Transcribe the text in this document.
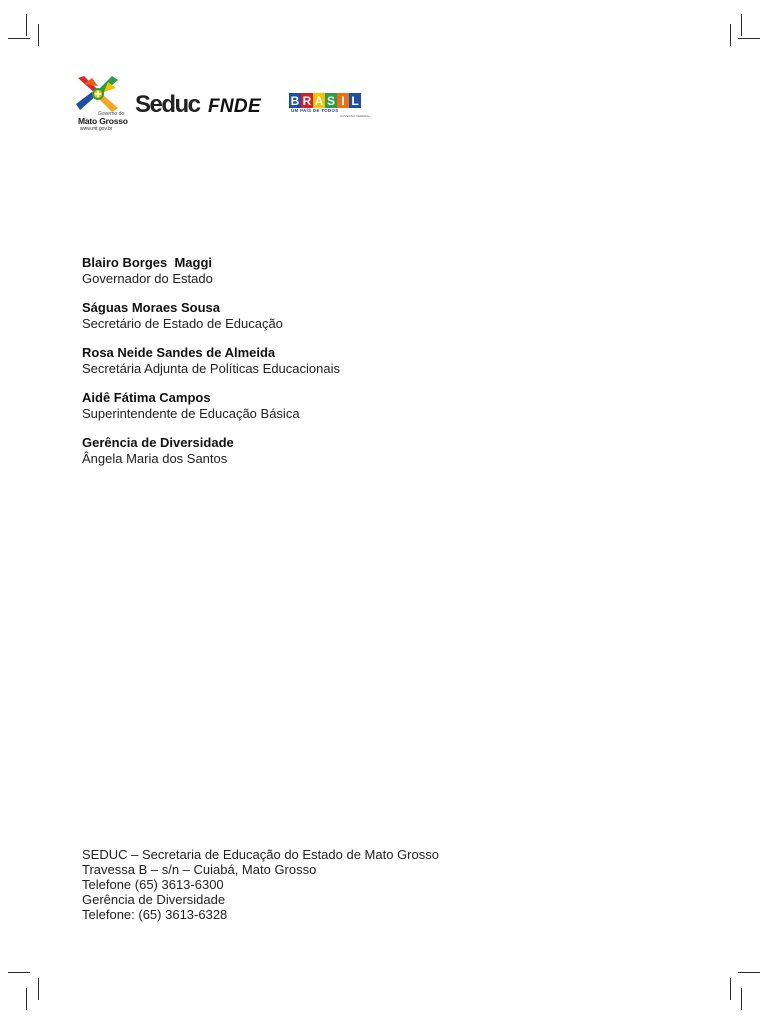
Governo do
Mato Grosso
www.mt.gov.br
Seduc FNDE B R A S I L
UM PAÍS DE TODOS
GOVERNO FEDERAL
Blairo Borges  Maggi
Governador do Estado
Ságuas Moraes Sousa
Secretário de Estado de Educação
Rosa Neide Sandes de Almeida
Secretária Adjunta de Políticas Educacionais
Aidê Fátima Campos
Superintendente de Educação Básica
Gerência de Diversidade
Ângela Maria dos Santos
SEDUC – Secretaria de Educação do Estado de Mato Grosso
Travessa B – s/n – Cuiabá, Mato Grosso
Telefone (65) 3613-6300
Gerência de Diversidade
Telefone: (65) 3613-6328
